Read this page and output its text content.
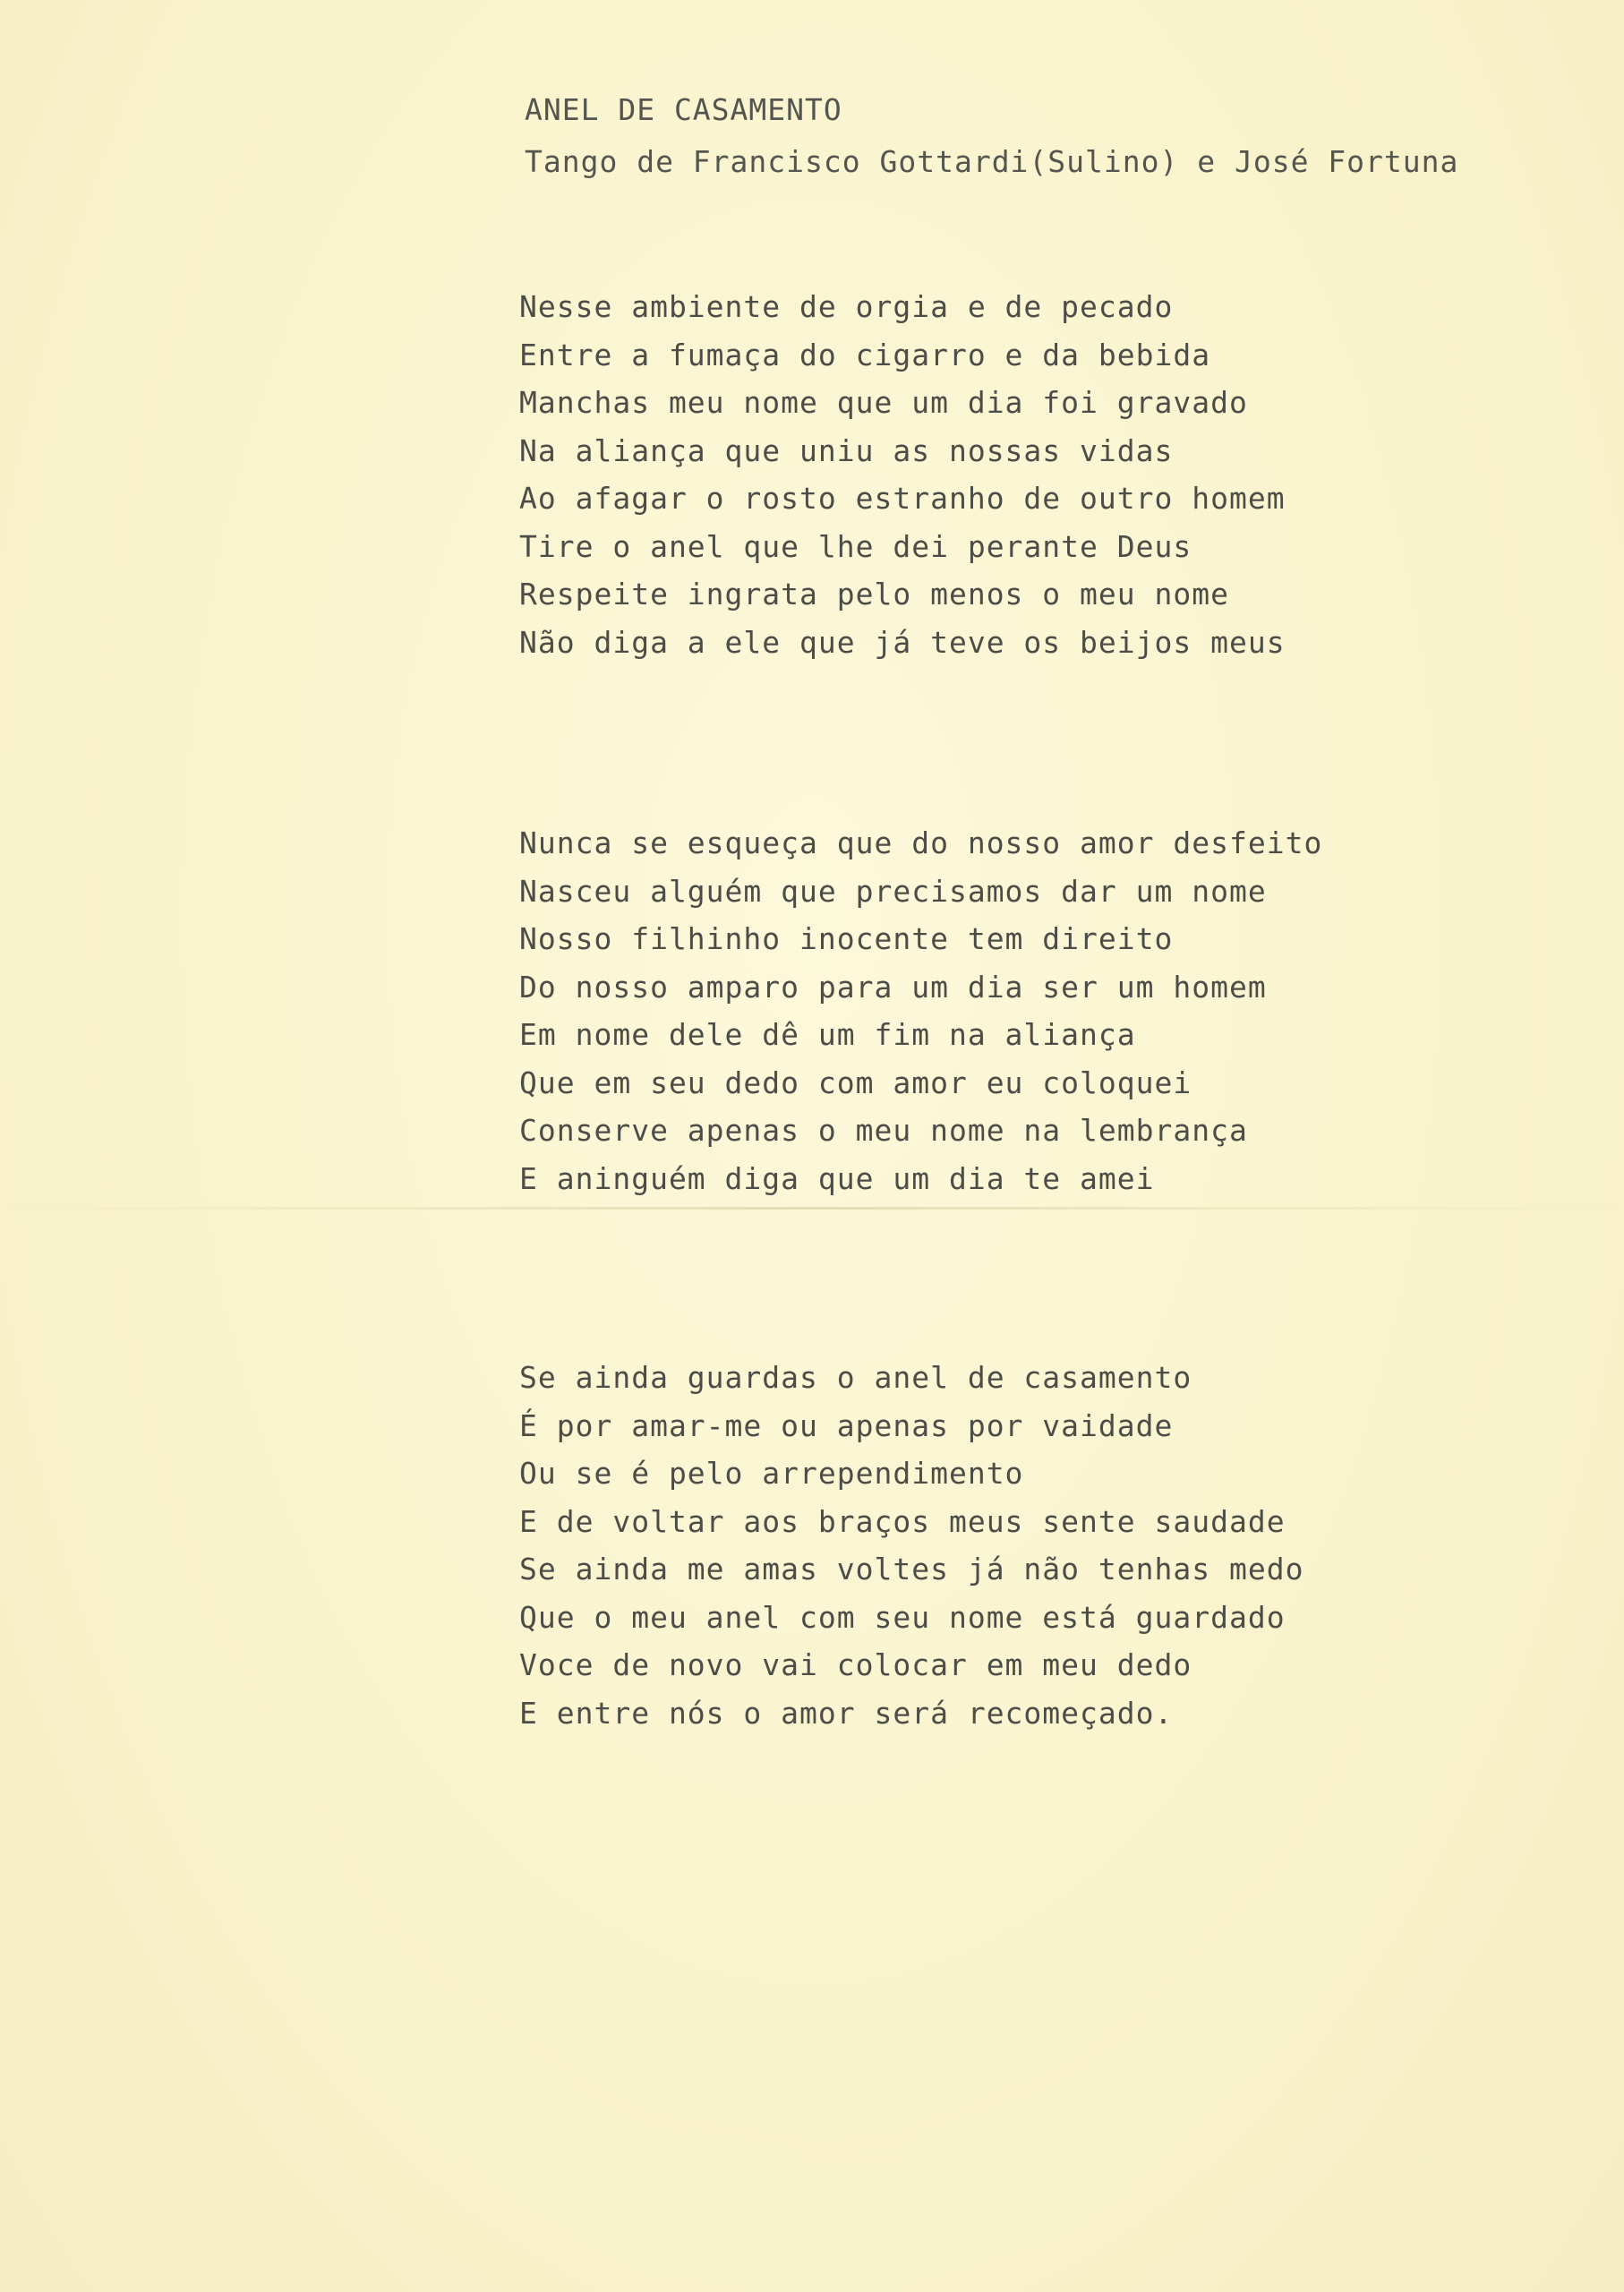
ANEL DE CASAMENTO
Tango de Francisco Gottardi(Sulino) e José Fortuna
Nesse ambiente de orgia e de pecado
Entre a fumaça do cigarro e da bebida
Manchas meu nome que um dia foi gravado
Na aliança que uniu as nossas vidas
Ao afagar o rosto estranho de outro homem
Tire o anel que lhe dei perante Deus
Respeite ingrata pelo menos o meu nome
Não diga a ele que já teve os beijos meus
Nunca se esqueça que do nosso amor desfeito
Nasceu alguém que precisamos dar um nome
Nosso filhinho inocente tem direito
Do nosso amparo para um dia ser um homem
Em nome dele dê um fim na aliança
Que em seu dedo com amor eu coloquei
Conserve apenas o meu nome na lembrança
E aninguém diga que um dia te amei
Se ainda guardas o anel de casamento
É por amar-me ou apenas por vaidade
Ou se é pelo arrependimento
E de voltar aos braços meus sente saudade
Se ainda me amas voltes já não tenhas medo
Que o meu anel com seu nome está guardado
Voce de novo vai colocar em meu dedo
E entre nós o amor será recomeçado.
